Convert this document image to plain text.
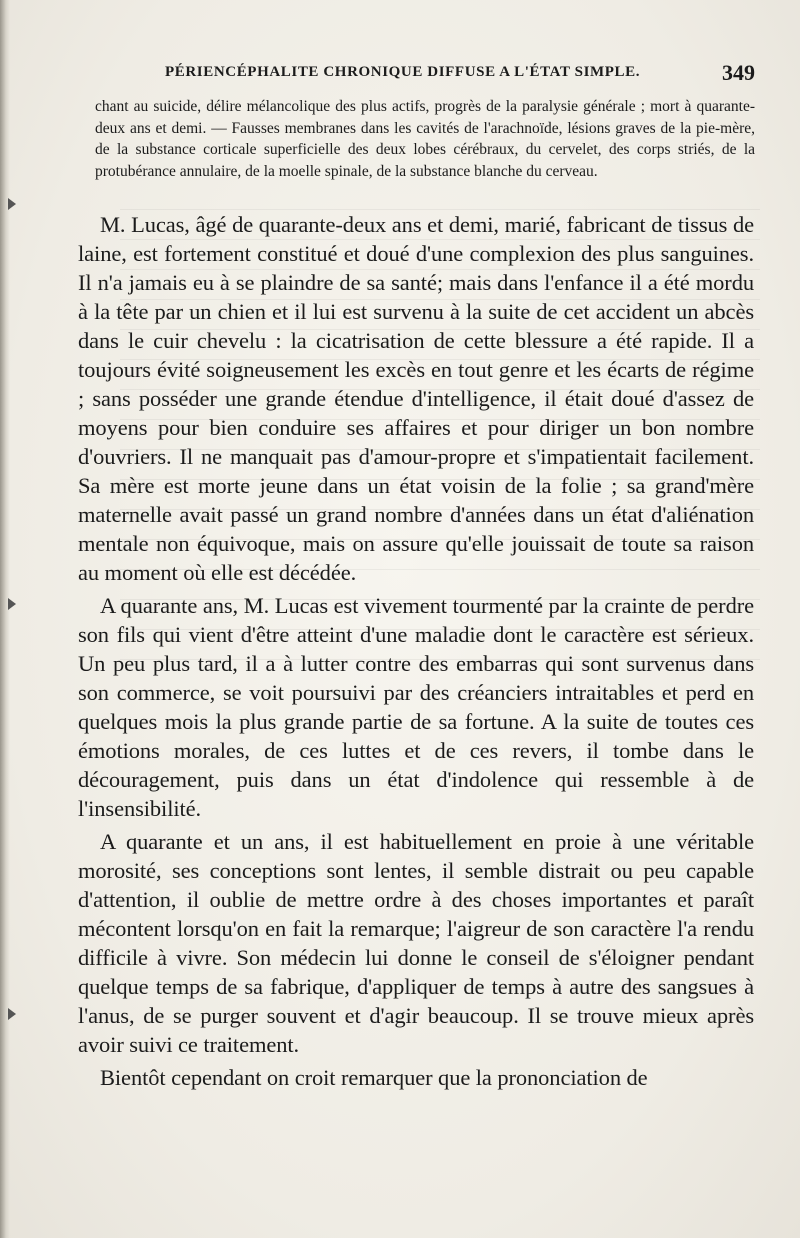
PÉRIENCÉPHALITE CHRONIQUE DIFFUSE A L'ÉTAT SIMPLE.	349
chant au suicide, délire mélancolique des plus actifs, progrès de la paralysie générale ; mort à quarante-deux ans et demi. — Fausses membranes dans les cavités de l'arachnoïde, lésions graves de la pie-mère, de la substance corticale superficielle des deux lobes cérébraux, du cervelet, des corps striés, de la protubérance annulaire, de la moelle spinale, de la substance blanche du cerveau.

M. Lucas, âgé de quarante-deux ans et demi, marié, fabricant de tissus de laine, est fortement constitué et doué d'une complexion des plus sanguines. Il n'a jamais eu à se plaindre de sa santé; mais dans l'enfance il a été mordu à la tête par un chien et il lui est survenu à la suite de cet accident un abcès dans le cuir chevelu : la cicatrisation de cette blessure a été rapide. Il a toujours évité soigneusement les excès en tout genre et les écarts de régime ; sans posséder une grande étendue d'intelligence, il était doué d'assez de moyens pour bien conduire ses affaires et pour diriger un bon nombre d'ouvriers. Il ne manquait pas d'amour-propre et s'impatientait facilement. Sa mère est morte jeune dans un état voisin de la folie ; sa grand'mère maternelle avait passé un grand nombre d'années dans un état d'aliénation mentale non équivoque, mais on assure qu'elle jouissait de toute sa raison au moment où elle est décédée.

A quarante ans, M. Lucas est vivement tourmenté par la crainte de perdre son fils qui vient d'être atteint d'une maladie dont le caractère est sérieux. Un peu plus tard, il a à lutter contre des embarras qui sont survenus dans son commerce, se voit poursuivi par des créanciers intraitables et perd en quelques mois la plus grande partie de sa fortune. A la suite de toutes ces émotions morales, de ces luttes et de ces revers, il tombe dans le découragement, puis dans un état d'indolence qui ressemble à de l'insensibilité.

A quarante et un ans, il est habituellement en proie à une véritable morosité, ses conceptions sont lentes, il semble distrait ou peu capable d'attention, il oublie de mettre ordre à des choses importantes et paraît mécontent lorsqu'on en fait la remarque; l'aigreur de son caractère l'a rendu difficile à vivre. Son médecin lui donne le conseil de s'éloigner pendant quelque temps de sa fabrique, d'appliquer de temps à autre des sangsues à l'anus, de se purger souvent et d'agir beaucoup. Il se trouve mieux après avoir suivi ce traitement.

Bientôt cependant on croit remarquer que la prononciation de
